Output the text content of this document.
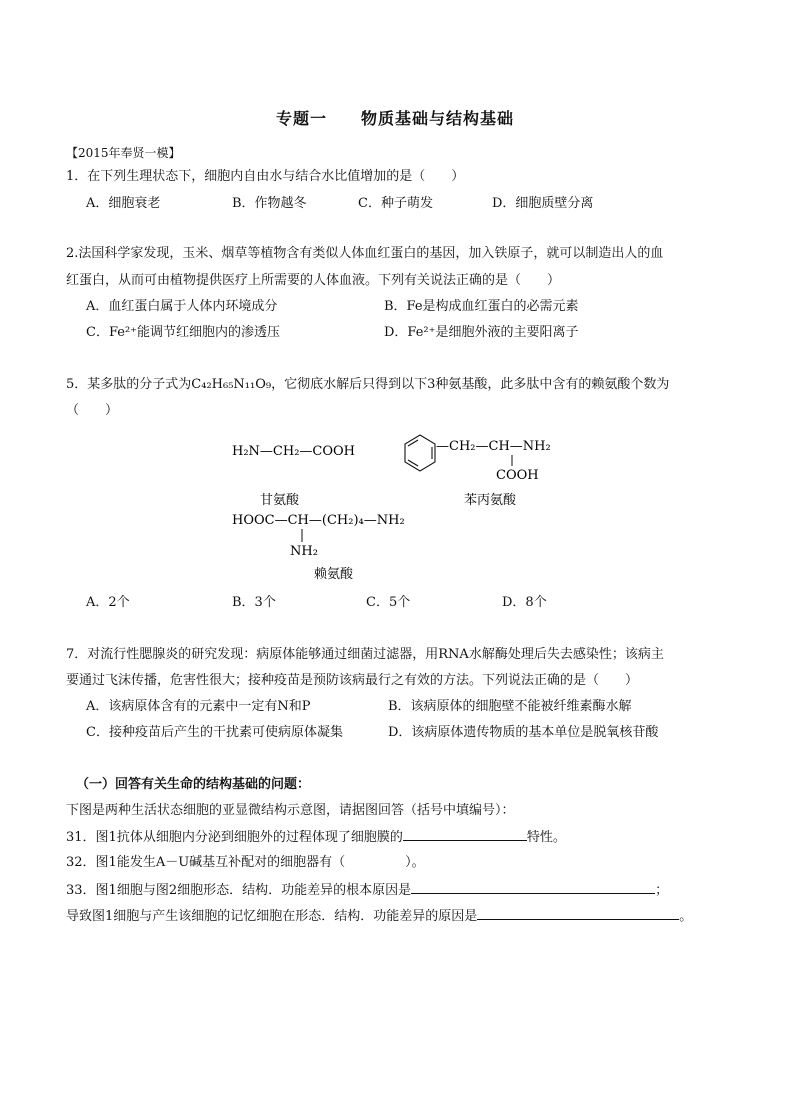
专题一 物质基础与结构基础
【2015年奉贤一模】
1．在下列生理状态下，细胞内自由水与结合水比值增加的是（　　）
A．细胞衰老	B．作物越冬	C．种子萌发	D．细胞质壁分离
2.法国科学家发现，玉米、烟草等植物含有类似人体血红蛋白的基因，加入铁原子，就可以制造出人的血
红蛋白，从而可由植物提供医疗上所需要的人体血液。下列有关说法正确的是（　　）
A．血红蛋白属于人体内环境成分	B．Fe是构成血红蛋白的必需元素
C．Fe²⁺能调节红细胞内的渗透压	D．Fe²⁺是细胞外液的主要阳离子
5．某多肽的分子式为C₄₂H₆₅N₁₁O₉，它彻底水解后只得到以下3种氨基酸，此多肽中含有的赖氨酸个数为
（　　）
H₂N—CH₂—COOH
甘氨酸
—CH₂—CH—NH₂
COOH
苯丙氨酸
HOOC—CH—(CH₂)₄—NH₂
NH₂
赖氨酸
A．2个	B．3个	C．5个	D．8个
7．对流行性腮腺炎的研究发现：病原体能够通过细菌过滤器，用RNA水解酶处理后失去感染性；该病主
要通过飞沫传播，危害性很大；接种疫苗是预防该病最行之有效的方法。下列说法正确的是（　　）
A．该病原体含有的元素中一定有N和P	B．该病原体的细胞壁不能被纤维素酶水解
C．接种疫苗后产生的干扰素可使病原体凝集	D．该病原体遗传物质的基本单位是脱氧核苷酸
（一）回答有关生命的结构基础的问题：
下图是两种生活状态细胞的亚显微结构示意图，请据图回答（括号中填编号）：
31．图1抗体从细胞内分泌到细胞外的过程体现了细胞膜的	特性。
32．图1能发生A－U碱基互补配对的细胞器有（	）。
33．图1细胞与图2细胞形态．结构．功能差异的根本原因是	；
导致图1细胞与产生该细胞的记忆细胞在形态．结构．功能差异的原因是	。
